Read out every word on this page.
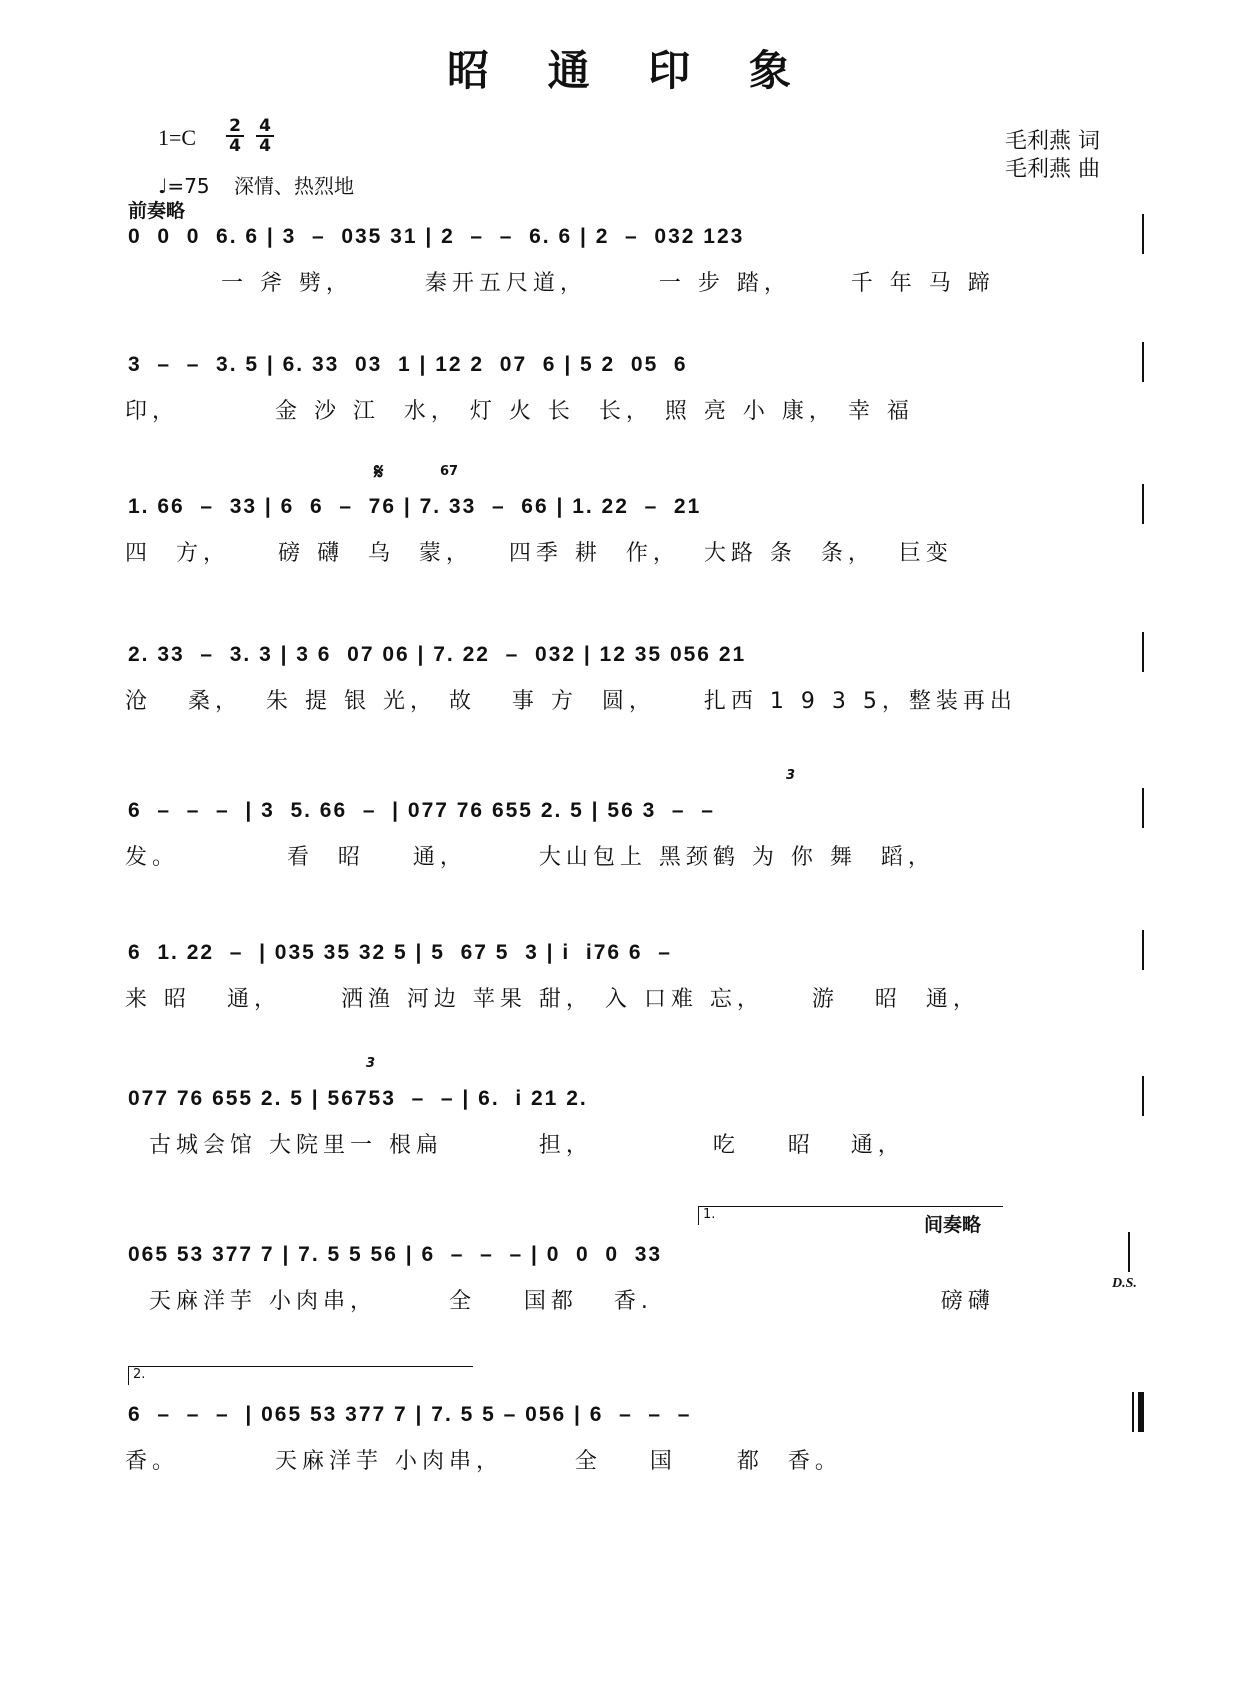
昭 通 印 象
1=C 2
4
4
4
♩=75 深情、热烈地
毛利燕 词
毛利燕 曲
前奏略
0  0  0  6. 6 | 3  –  035 31 | 2  –  –  6. 6 | 2  –  032 123
一 斧 劈，      秦开五尺道，      一 步 踏，     千 年 马 蹄
3  –  –  3. 5 | 6. 33  03  1 | 12 2  07  6 | 5 2  05  6
印，        金 沙 江  水， 灯 火 长  长， 照 亮 小 康， 幸 福
𝄋	67
1. 66  –  33 | 6  6  –  76 | 7. 33  –  66 | 1. 22  –  21
四  方，    磅 礴  乌  蒙，   四季 耕  作，  大路 条  条，  巨变
2. 33  –  3. 3 | 3 6  07 06 | 7. 22  –  032 | 12 35 056 21
沧   桑，  朱 提 银 光， 故   事 方  圆，    扎西 1 9 3 5，整装再出
3
6  –  –  –  | 3  5. 66  –  | 077 76 655 2. 5 | 56 3  –  –
发。         看  昭    通，      大山包上 黑颈鹤 为 你 舞  蹈，
6  1. 22  –  | 035 35 32 5 | 5  67 5  3 | i  i76 6  –
来 昭   通，     洒渔 河边 苹果 甜， 入 口难 忘，    游   昭  通，
3
077 76 655 2. 5 | 56753  –  – | 6.  i 21 2.
古城会馆 大院里一 根扁        担，          吃    昭   通，
1.	间奏略
065 53 377 7 | 7. 5 5 56 | 6  –  –  – | 0  0  0  33
天麻洋芋 小肉串，      全    国都   香.                        磅礴
D.S.
2.
6  –  –  –  | 065 53 377 7 | 7. 5 5 – 056 | 6  –  –  –
香。        天麻洋芋 小肉串，      全    国     都  香。
